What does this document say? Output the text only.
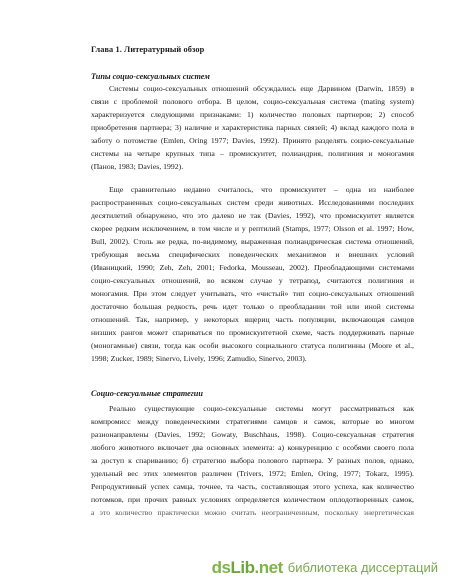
Глава 1. Литературный обзор
Типы социо-сексуальных систем
Системы социо-сексуальных отношений обсуждались еще Дарвином (Darwin, 1859) в
связи с проблемой полового отбора. В целом, социо-сексуальная система (mating system)
характеризуется следующими признаками: 1) количество половых партнеров; 2) способ
приобретения партнера; 3) наличие и характеристика парных связей; 4) вклад каждого пола в
заботу о потомстве (Emlen, Oring 1977; Davies, 1992). Принято разделять социо-сексуальные
системы на четыре крупных типа – промискуитет, полиандрия, полигиния и моногамия
(Панов, 1983; Davies, 1992).
Еще сравнительно недавно считалось, что промискуитет – одна из наиболее
распространенных социо-сексуальных систем среди животных. Исследованиями последних
десятилетий обнаружено, что это далеко не так (Davies, 1992), что промискуитет является
скорее редким исключением, в том числе и у рептилий (Stamps, 1977; Olsson et al. 1997; How,
Bull, 2002). Столь же редка, по-видимому, выраженная полиандрическая система отношений,
требующая весьма специфических поведенческих механизмов и внешних условий
(Иваницкий, 1990; Zeh, Zeh, 2001; Fedorka, Mousseau, 2002). Преобладающими системами
социо-сексуальных отношений, во всяком случае у тетрапод, считаются полигиния и
моногамия. При этом следует учитывать, что «чистый» тип социо-сексуальных отношений
достаточно большая редкость, речь идет только о преобладании той или иной системы
отношений. Так, например, у некоторых ящериц часть популяции, включающая самцов
низших рангов может спариваться по промискуитетной схеме, часть поддерживать парные
(моногамные) связи, тогда как особи высокого социального статуса полигинны (Moore et al.,
1998; Zucker, 1989; Sinervo, Lively, 1996; Zamudio, Sinervo, 2003).
Социо-сексуальные стратегии
Реально существующие социо-сексуальные системы могут рассматриваться как
компромисс между поведенческими стратегиями самцов и самок, которые во многом
разнонаправлены (Davies, 1992; Gowaty, Buschhaus, 1998). Социо-сексуальная стратегия
любого животного включает два основных элемента: а) конкуренцию с особями своего пола
за доступ к спариванию; б) стратегию выбора полового партнера. У разных полов, однако,
удельный вес этих элементов различен (Trivers, 1972; Emlen, Oring, 1977; Tokarz, 1995).
Репродуктивный успех самца, точнее, та часть, составляющая этого успеха, как количество
потомков, при прочих равных условиях определяется количеством оплодотворенных самок,
а это количество практически можно считать неограниченным, поскольку энергетическая
dsLib.net библиотека диссертаций
